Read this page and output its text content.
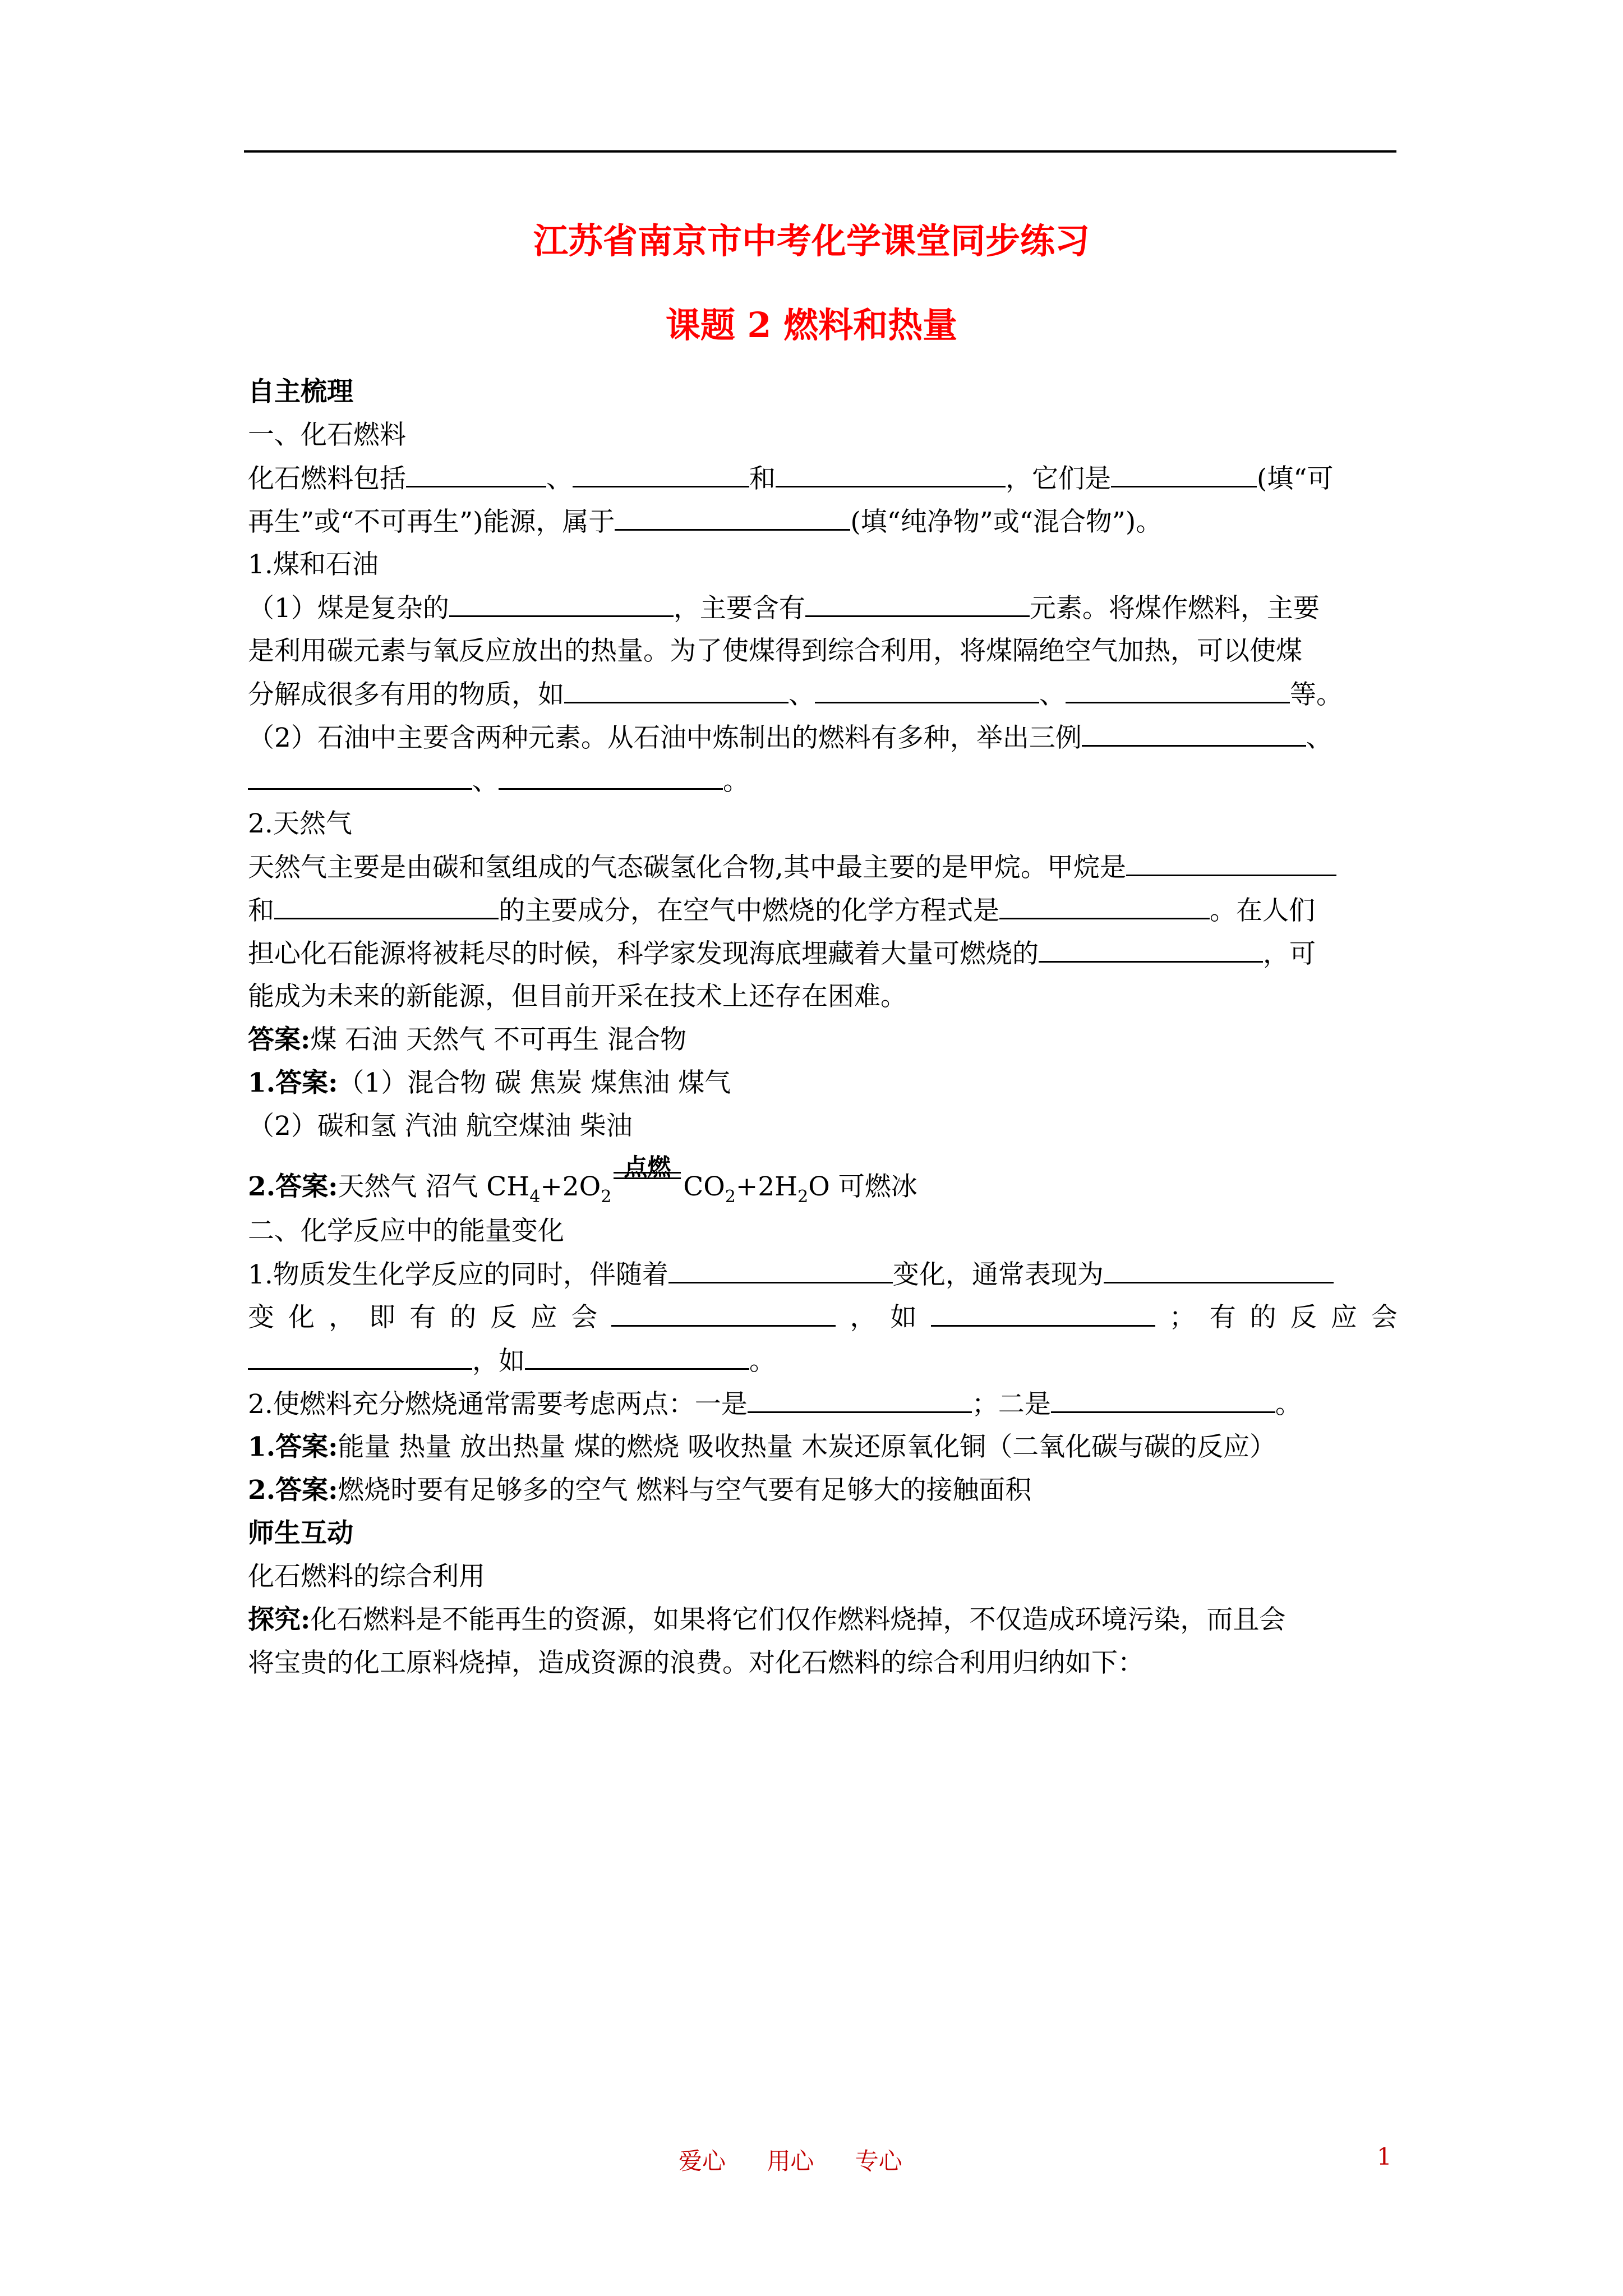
江苏省南京市中考化学课堂同步练习
课题 2 燃料和热量
自主梳理
一、化石燃料
化石燃料包括	、	和	，它们是	(填“可
再生”或“不可再生”)能源，属于	(填“纯净物”或“混合物”)。
1.煤和石油
（1）煤是复杂的	，主要含有	元素。将煤作燃料，主要
是利用碳元素与氧反应放出的热量。为了使煤得到综合利用，将煤隔绝空气加热，可以使煤
分解成很多有用的物质，如	、	、	等。
（2）石油中主要含两种元素。从石油中炼制出的燃料有多种，举出三例	、
、	。
2.天然气
天然气主要是由碳和氢组成的气态碳氢化合物,其中最主要的是甲烷。甲烷是
和	的主要成分，在空气中燃烧的化学方程式是	。在人们
担心化石能源将被耗尽的时候，科学家发现海底埋藏着大量可燃烧的	，可
能成为未来的新能源，但目前开采在技术上还存在困难。
答案:煤 石油 天然气 不可再生 混合物
1.答案:（1）混合物 碳 焦炭 煤焦油 煤气
（2）碳和氢 汽油 航空煤油 柴油
2.答案:天然气 沼气 $CH_4+2O_2$
点燃
$CO_2+2H_2O$ 可燃冰
二、化学反应中的能量变化
1.物质发生化学反应的同时，伴随着	变化，通常表现为
变 化 ， 即 有 的 反 应 会	， 如	； 有 的 反 应 会
，如	。
2.使燃料充分燃烧通常需要考虑两点：一是	；二是	。
1.答案:能量 热量 放出热量 煤的燃烧 吸收热量 木炭还原氧化铜（二氧化碳与碳的反应）
2.答案:燃烧时要有足够多的空气 燃料与空气要有足够大的接触面积
师生互动
化石燃料的综合利用
探究:化石燃料是不能再生的资源，如果将它们仅作燃料烧掉，不仅造成环境污染，而且会
将宝贵的化工原料烧掉，造成资源的浪费。对化石燃料的综合利用归纳如下：
爱心 用心 专心	1
